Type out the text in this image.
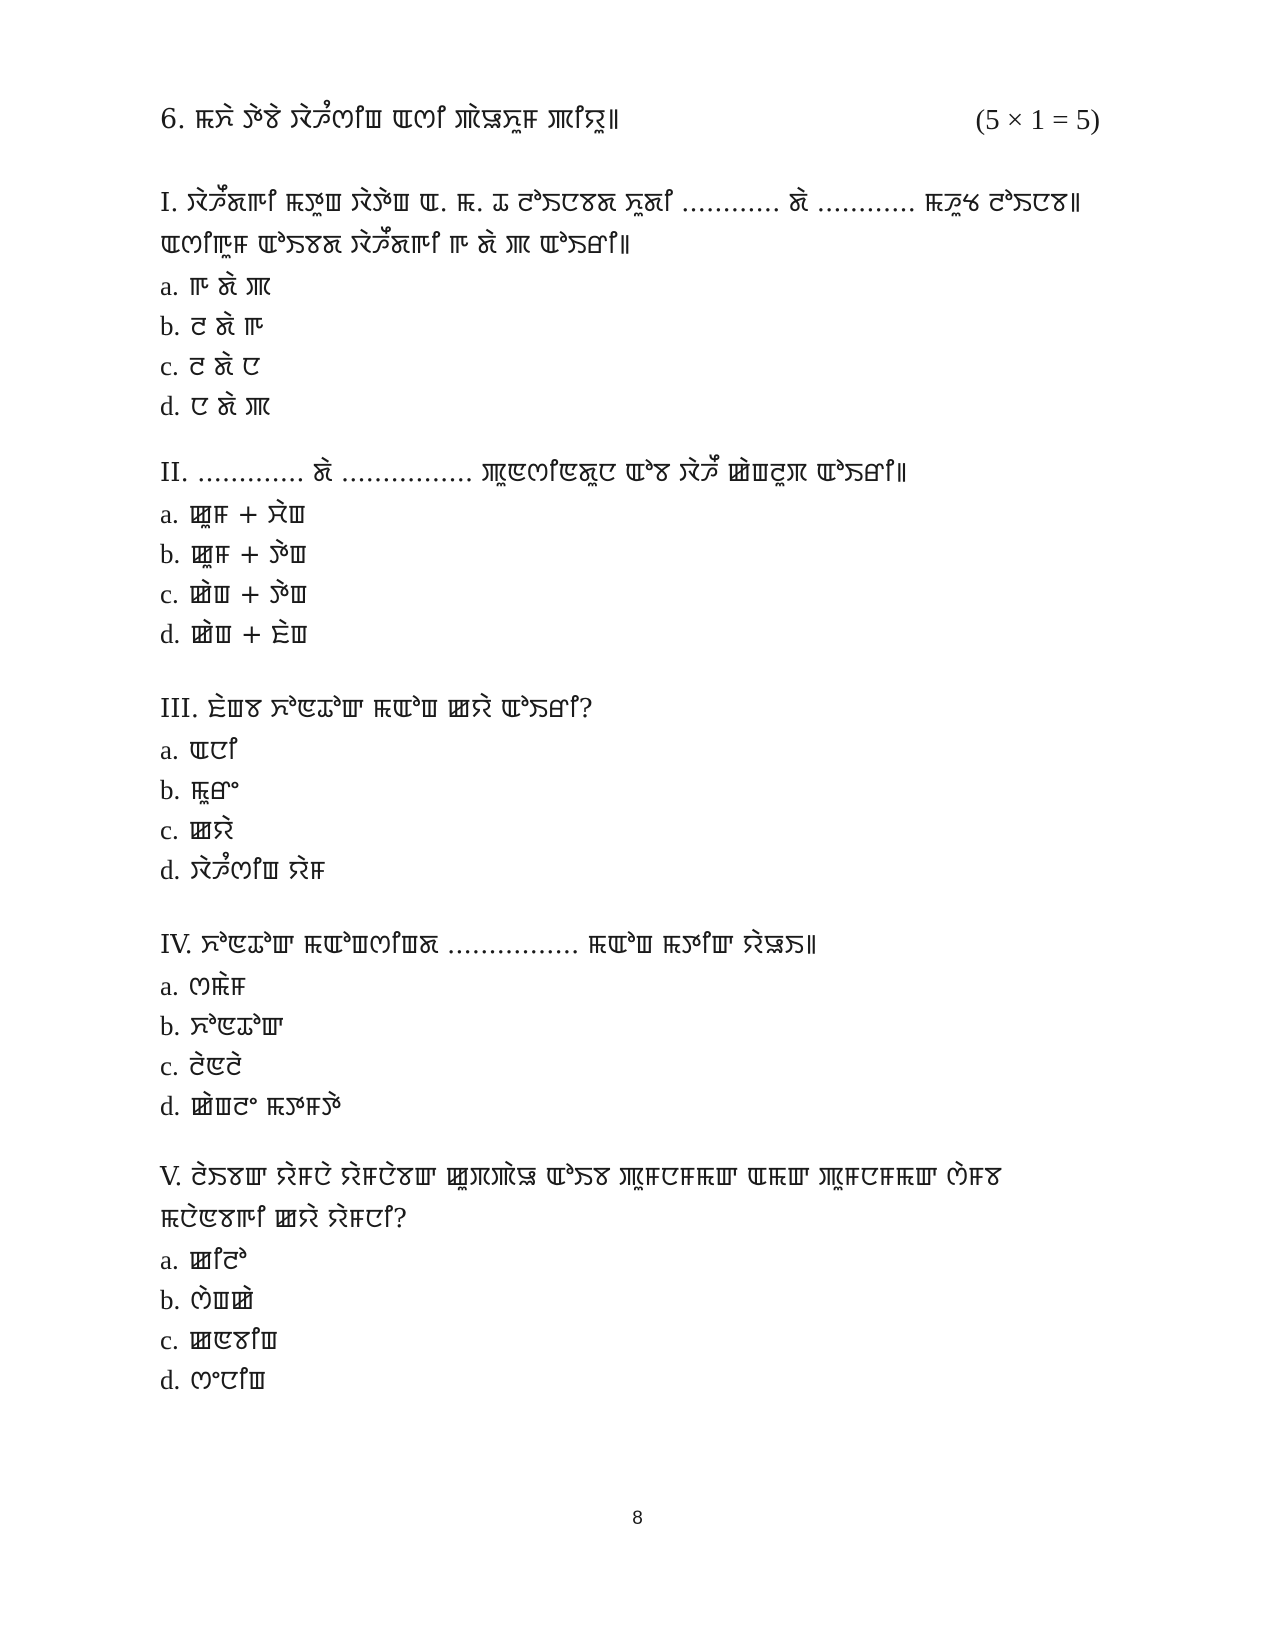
6. ꯃꯈꯥ ꯇꯥꯕꯥ ꯋꯥꯍꯪꯁꯤꯡ ꯑꯁꯤ ꯄꯥꯎꯈꯨꯝ ꯄꯤꯌꯨ꯫	(5 × 1 = 5)

I. ꯋꯥꯍꯩꯗꯒꯤ ꯃꯇꯨꯡ ꯋꯥꯇꯥꯡ ꯑ. ꯃ. ꯊ ꯂꯣꯏꯅꯕꯗ ꯈꯨꯗꯤ ............ ꯗꯥ ............ ꯃꯍꯨꯠ ꯂꯣꯏꯅꯕ꯫ ꯑꯁꯤꯒꯨꯝ ꯑꯣꯏꯕꯗ ꯋꯥꯍꯩꯗꯒꯤ ꯒ ꯗꯥ ꯄ ꯑꯣꯏꯔꯤ꯫

a. ꯒ ꯗꯥ ꯄ
b. ꯂ ꯗꯥ ꯒ
c. ꯂ ꯗꯥ ꯅ
d. ꯅ ꯗꯥ ꯄ

II. ............. ꯗꯥ ................ ꯄꯨꯟꯁꯤꯟꯗꯨꯅ ꯑꯣꯕ ꯋꯥꯍꯩ ꯀꯥꯡꯂꯨꯞ ꯑꯣꯏꯔꯤ꯫

a. ꯀꯨꯝ + ꯆꯥꯡ
b. ꯀꯨꯝ + ꯇꯥꯡ
c. ꯀꯥꯡ + ꯇꯥꯡ
d. ꯀꯥꯡ + ꯐꯥꯡ

III. ꯐꯥꯡꯕ ꯈꯣꯟꯊꯣꯛ ꯃꯑꯣꯡ ꯀꯌꯥ ꯑꯣꯏꯔꯤ?

a. ꯑꯅꯤ
b. ꯃꯨꯔꯦ
c. ꯀꯌꯥ
d. ꯋꯥꯍꯪꯁꯤꯡ ꯌꯥꯝ

IV. ꯈꯣꯟꯊꯣꯛ ꯃꯑꯣꯡꯁꯤꯡꯗ ................ ꯃꯑꯣꯡ ꯃꯇꯤꯛ ꯌꯥꯎꯏ꯫

a. ꯁꯃꯥꯝ
b. ꯈꯣꯟꯊꯣꯛ
c. ꯂꯥꯟꯂꯥ
d. ꯀꯥꯡꯂꯦ ꯃꯇꯝꯇꯥ

V. ꯂꯥꯏꯕꯛ ꯌꯥꯝꯅꯥ ꯌꯥꯝꯅꯥꯕꯛ ꯀꯨꯞꯄꯥꯎ ꯑꯣꯏꯕ ꯄꯨꯝꯅꯝꯃꯛ ꯑꯃꯛ ꯄꯨꯝꯅꯝꯃꯛ ꯁꯥꯝꯕ ꯃꯅꯥꯟꯕꯒꯤ ꯀꯌꯥ ꯌꯥꯝꯅꯤ?

a. ꯀꯤꯂꯣ
b. ꯁꯥꯡꯀꯥ
c. ꯀꯟꯕꯤꯡ
d. ꯁꯦꯅꯤꯡ
8
